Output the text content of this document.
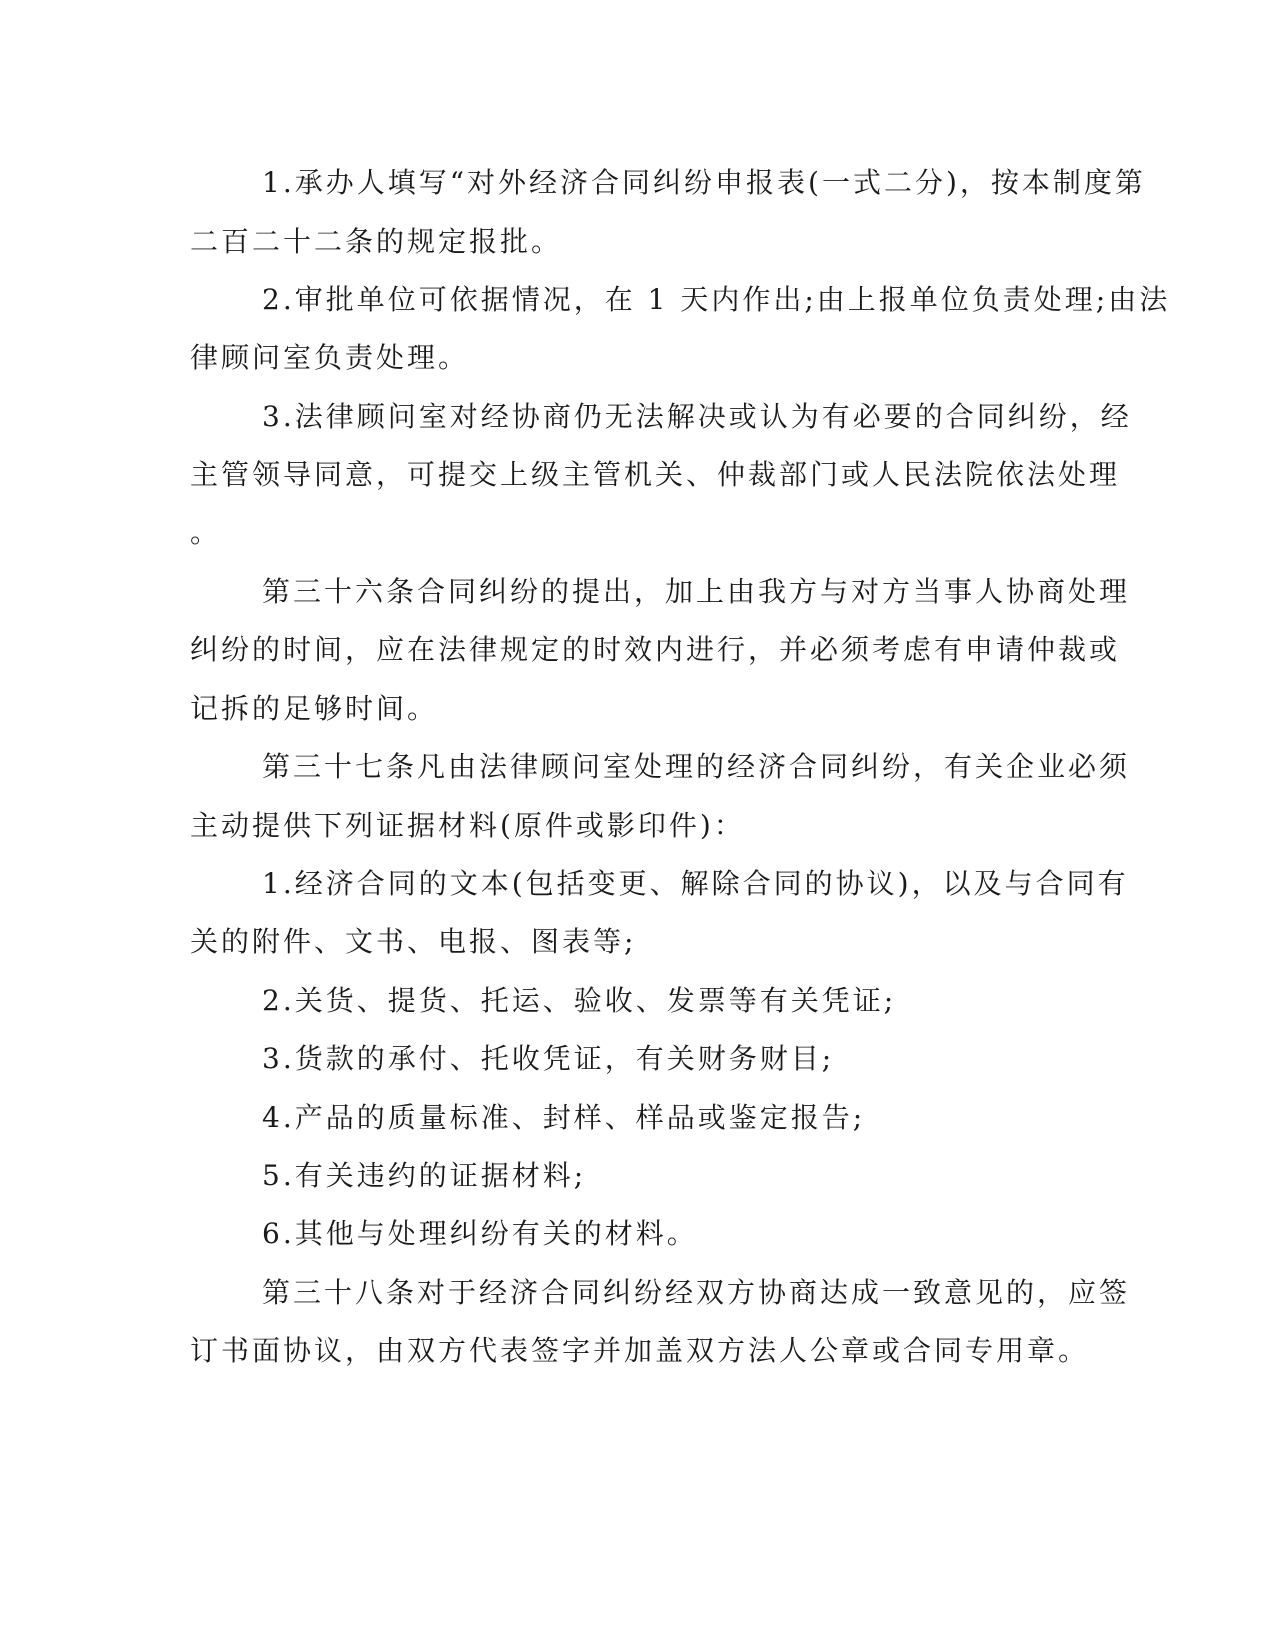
1.承办人填写“对外经济合同纠纷申报表(一式二分)，按本制度第
二百二十二条的规定报批。
2.审批单位可依据情况，在 1 天内作出;由上报单位负责处理;由法
律顾问室负责处理。
3.法律顾问室对经协商仍无法解决或认为有必要的合同纠纷，经
主管领导同意，可提交上级主管机关、仲裁部门或人民法院依法处理
。
第三十六条合同纠纷的提出，加上由我方与对方当事人协商处理
纠纷的时间，应在法律规定的时效内进行，并必须考虑有申请仲裁或
记拆的足够时间。
第三十七条凡由法律顾问室处理的经济合同纠纷，有关企业必须
主动提供下列证据材料(原件或影印件)：
1.经济合同的文本(包括变更、解除合同的协议)，以及与合同有
关的附件、文书、电报、图表等;
2.关货、提货、托运、验收、发票等有关凭证;
3.货款的承付、托收凭证，有关财务财目;
4.产品的质量标准、封样、样品或鉴定报告;
5.有关违约的证据材料;
6.其他与处理纠纷有关的材料。
第三十八条对于经济合同纠纷经双方协商达成一致意见的，应签
订书面协议，由双方代表签字并加盖双方法人公章或合同专用章。
